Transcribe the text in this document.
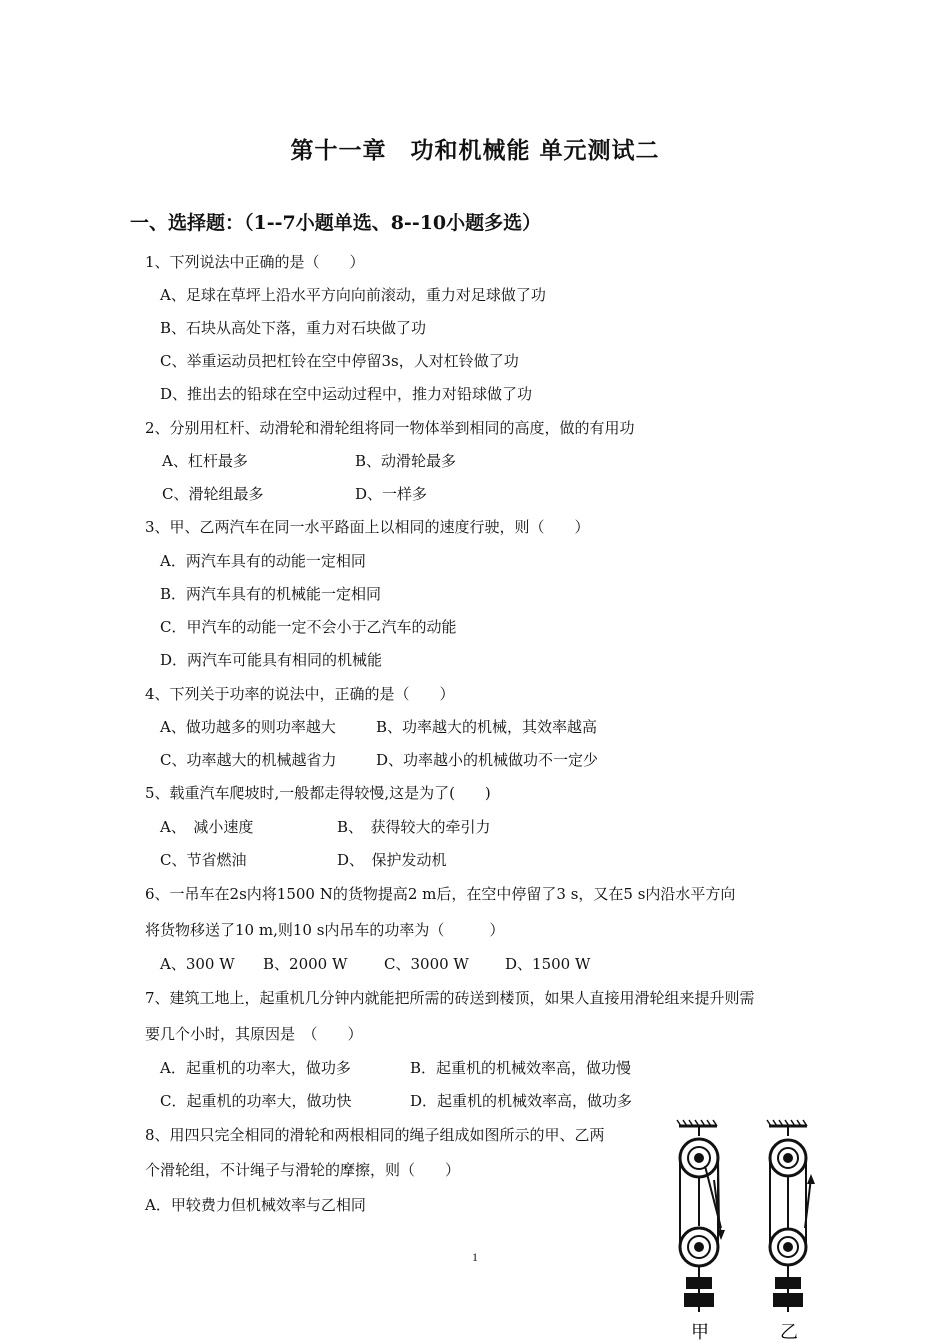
第十一章　功和机械能 单元测试二
一、选择题：（1--7小题单选、8--10小题多选）
1、下列说法中正确的是（　　）
A、足球在草坪上沿水平方向向前滚动，重力对足球做了功
B、石块从高处下落，重力对石块做了功
C、举重运动员把杠铃在空中停留3s，人对杠铃做了功
D、推出去的铅球在空中运动过程中，推力对铅球做了功
2、分别用杠杆、动滑轮和滑轮组将同一物体举到相同的高度，做的有用功
A、杠杆最多	B、动滑轮最多
C、滑轮组最多	D、一样多
3、甲、乙两汽车在同一水平路面上以相同的速度行驶，则（　　）
A．两汽车具有的动能一定相同
B．两汽车具有的机械能一定相同
C．甲汽车的动能一定不会小于乙汽车的动能
D．两汽车可能具有相同的机械能
4、下列关于功率的说法中，正确的是（　　）
A、做功越多的则功率越大	B、功率越大的机械，其效率越高
C、功率越大的机械越省力	D、功率越小的机械做功不一定少
5、载重汽车爬坡时,一般都走得较慢,这是为了(　　)
A、　减小速度	B、　获得较大的牵引力
C、节省燃油	D、　保护发动机
6、一吊车在2s内将1500 N的货物提高2 m后，在空中停留了3 s，又在5 s内沿水平方向
将货物移送了10 m,则10 s内吊车的功率为（　　　）
A、300 W B、2000 W C、3000 W D、1500 W
7、建筑工地上，起重机几分钟内就能把所需的砖送到楼顶，如果人直接用滑轮组来提升则需
要几个小时，其原因是　（　　）
A．起重机的功率大，做功多	B．起重机的机械效率高，做功慢
C．起重机的功率大，做功快	D．起重机的机械效率高，做功多
8、用四只完全相同的滑轮和两根相同的绳子组成如图所示的甲、乙两
个滑轮组，不计绳子与滑轮的摩擦，则（　　）
A．甲较费力但机械效率与乙相同
甲	乙
1
